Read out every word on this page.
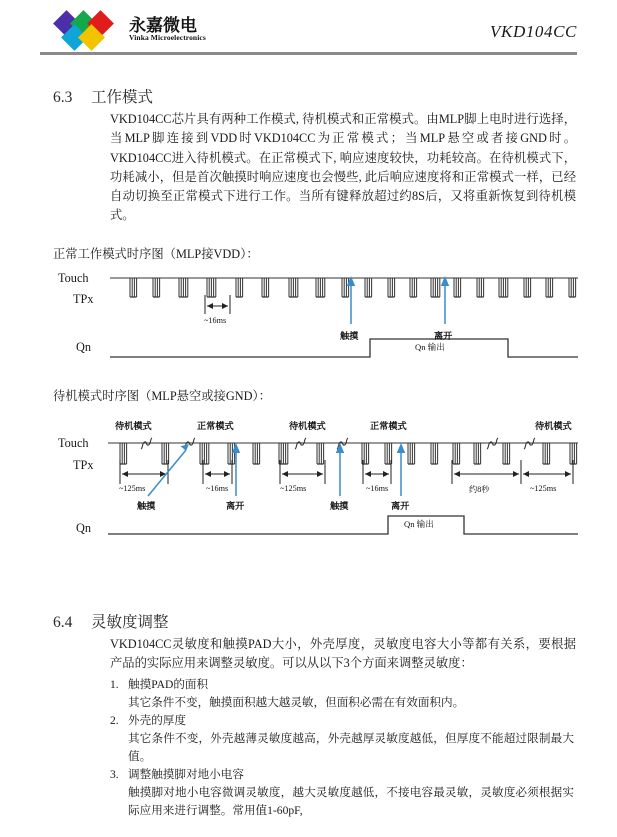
永嘉微电
Vinka Microelectronics	VKD104CC
6.3 工作模式
VKD104CC芯片具有两种工作模式, 待机模式和正常模式。由MLP脚上电时进行选择，当MLP脚连接到VDD时VKD104CC为正常模式；当MLP悬空或者接GND时。VKD104CC进入待机模式。在正常模式下, 响应速度较快，功耗较高。在待机模式下，功耗减小，但是首次触摸时响应速度也会慢些, 此后响应速度将和正常模式一样，已经自动切换至正常模式下进行工作。当所有键释放超过约8S后，又将重新恢复到待机模式。
正常工作模式时序图（MLP接VDD）：
Touch
TPx
Qn
触摸	离开
~16ms
Qn 输出
待机模式时序图（MLP悬空或接GND）：
Touch
TPx
Qn
待机模式	正常模式	待机模式	正常模式	待机模式
~125ms	~16ms	~125ms	~16ms	约8秒	~125ms
触摸	离开	触摸	离开
Qn 输出
6.4 灵敏度调整
VKD104CC灵敏度和触摸PAD大小，外壳厚度，灵敏度电容大小等都有关系，要根据产品的实际应用来调整灵敏度。可以从以下3个方面来调整灵敏度：
1. 触摸PAD的面积
其它条件不变，触摸面积越大越灵敏，但面积必需在有效面积内。
2. 外壳的厚度
其它条件不变，外壳越薄灵敏度越高，外壳越厚灵敏度越低，但厚度不能超过限制最大值。
3. 调整触摸脚对地小电容
触摸脚对地小电容微调灵敏度，越大灵敏度越低，不接电容最灵敏，灵敏度必须根据实际应用来进行调整。常用值1-60pF,
